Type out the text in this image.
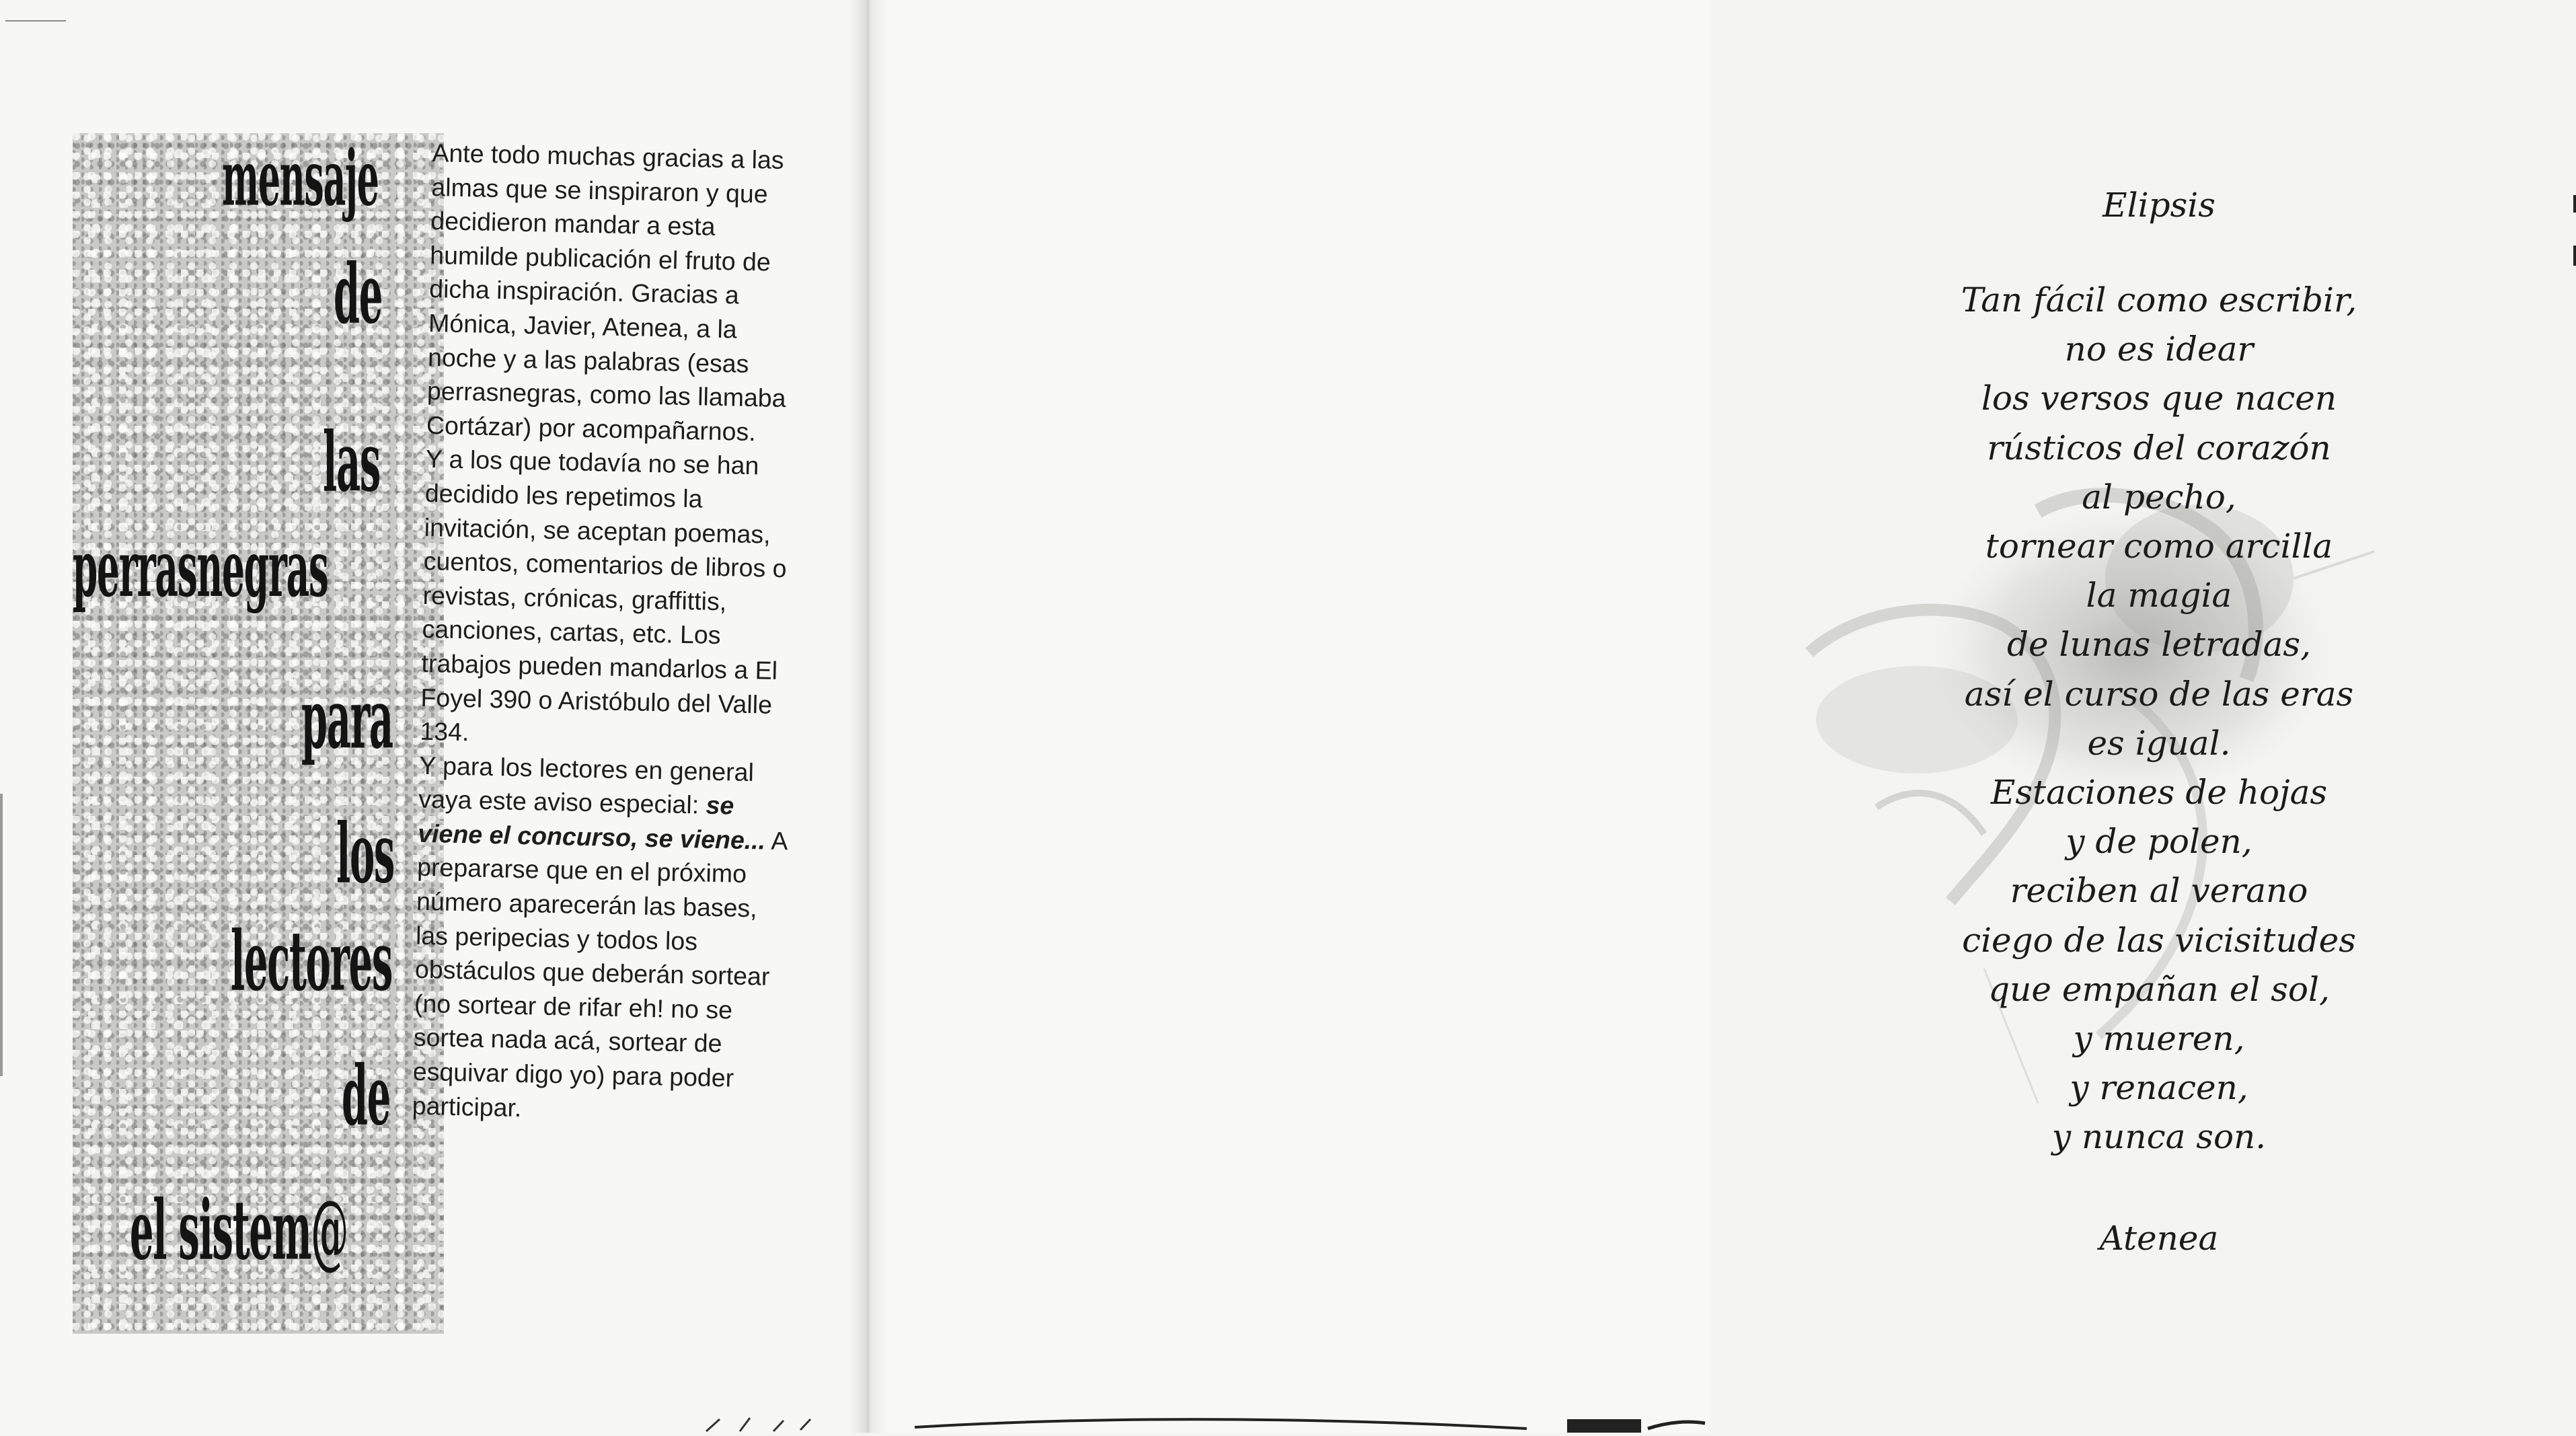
mensaje
de
las
perrasnegras
para
los
lectores
de
el sistem@

Ante todo muchas gracias a las almas que se inspiraron y que decidieron mandar a esta humilde publicación el fruto de dicha inspiración. Gracias a Mónica, Javier, Atenea, a la noche y a las palabras (esas perrasnegras, como las llamaba Cortázar) por acompañarnos.

Y a los que todavía no se han decidido les repetimos la invitación, se aceptan poemas, cuentos, comentarios de libros o revistas, crónicas, graffittis, canciones, cartas, etc. Los trabajos pueden mandarlos a El Foyel 390 o Aristóbulo del Valle 134.

Y para los lectores en general vaya este aviso especial: se viene el concurso, se viene... A prepararse que en el próximo número aparecerán las bases, las peripecias y todos los obstáculos que deberán sortear (no sortear de rifar eh! no se sortea nada acá, sortear de esquivar digo yo) para poder participar.

Elipsis
Tan fácil como escribir,
no es idear
los versos que nacen
rústicos del corazón
al pecho,
tornear como arcilla
la magia
de lunas letradas,
así el curso de las eras
es igual.
Estaciones de hojas
y de polen,
reciben al verano
ciego de las vicisitudes
que empañan el sol,
y mueren,
y renacen,
y nunca son.
Atenea
